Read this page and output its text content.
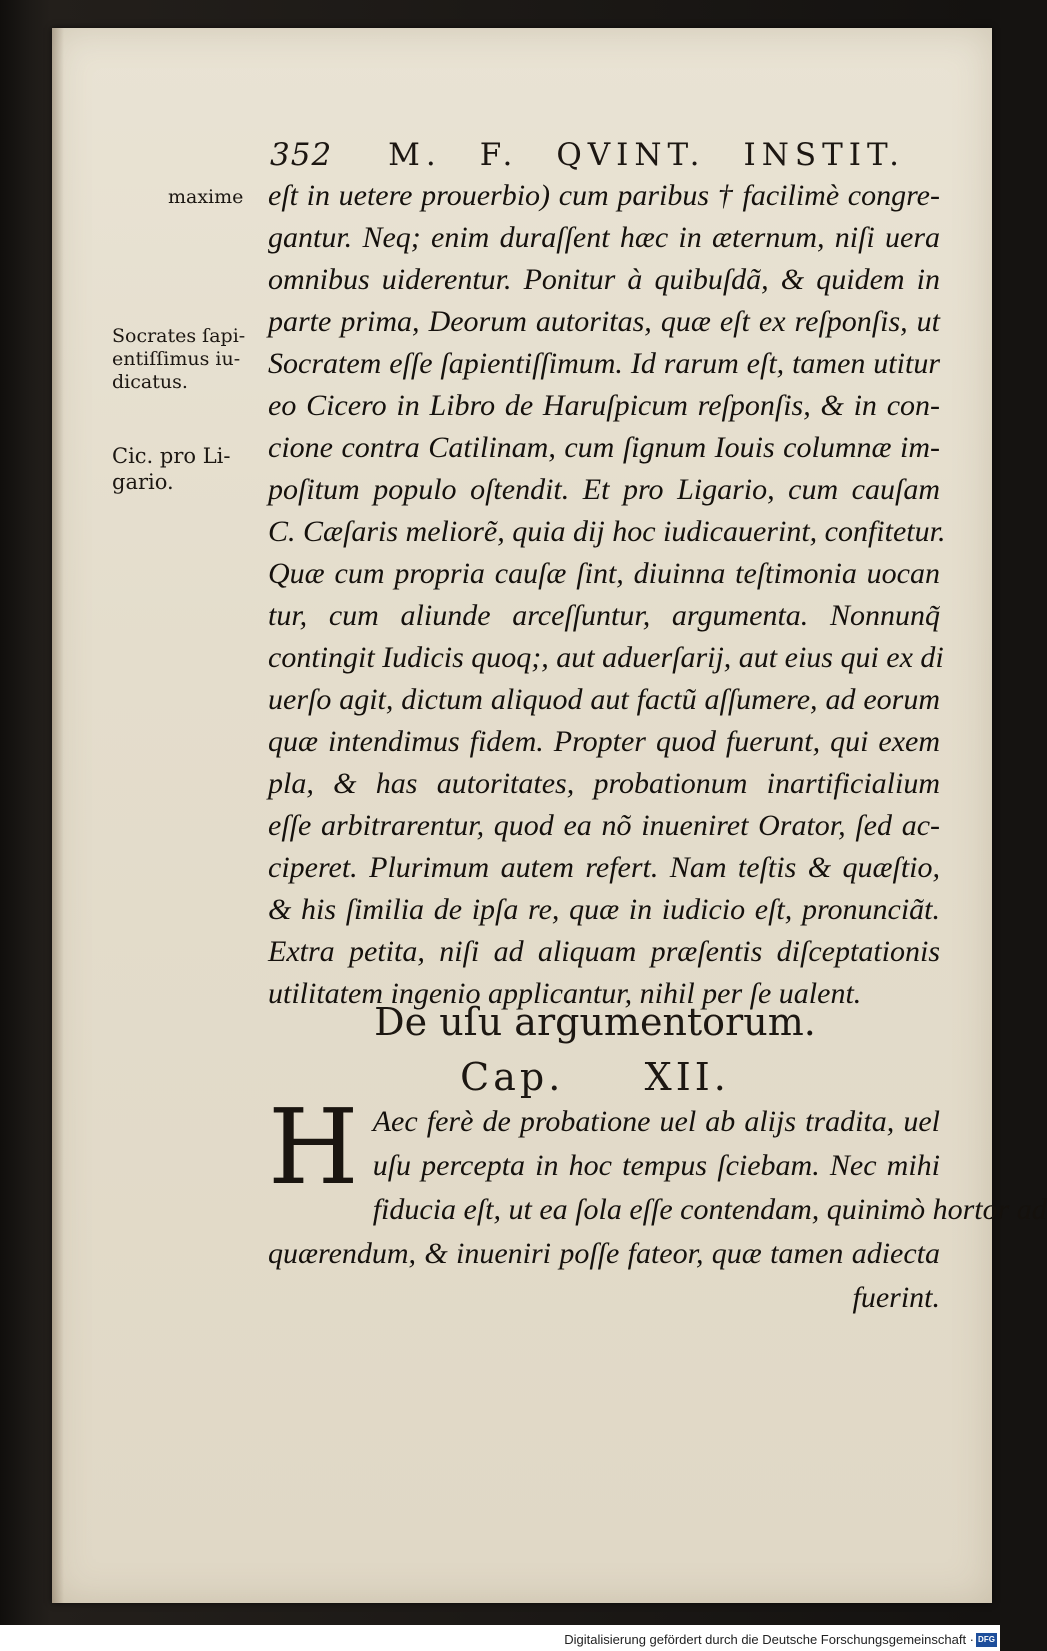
352 M. F. QVINT. INSTIT.
maxime
Socrates ſapi-
entiſſimus iu-
dicatus.
Cic. pro Li-
gario.
eſt in uetere prouerbio) cum paribus † facilimè congre-
gantur. Neq; enim duraſſent hæc in æternum, niſi uera
omnibus uiderentur. Ponitur à quibuſdã, & quidem in
parte prima, Deorum autoritas, quæ eſt ex reſponſis, ut
Socratem eſſe ſapientiſſimum. Id rarum eſt, tamen utitur
eo Cicero in Libro de Haruſpicum reſponſis, & in con-
cione contra Catilinam, cum ſignum Iouis columnæ im-
poſitum populo oſtendit. Et pro Ligario, cum cauſam
C. Cæſaris meliorẽ, quia dij hoc iudicauerint, confitetur.
Quæ cum propria cauſæ ſint, diuinna teſtimonia uocan
tur, cum aliunde arceſſuntur, argumenta. Nonnunq̃
contingit Iudicis quoq;, aut aduerſarij, aut eius qui ex di
uerſo agit, dictum aliquod aut factũ aſſumere, ad eorum
quæ intendimus fidem. Propter quod fuerunt, qui exem
pla, & has autoritates, probationum inartificialium
eſſe arbitrarentur, quod ea nõ inueniret Orator, ſed ac-
ciperet. Plurimum autem refert. Nam teſtis & quæſtio,
& his ſimilia de ipſa re, quæ in iudicio eſt, pronunciãt.
Extra petita, niſi ad aliquam præſentis diſceptationis
utilitatem ingenio applicantur, nihil per ſe ualent.
De uſu argumentorum.
Cap.     XII.
H Aec ferè de probatione uel ab alijs tradita, uel
uſu percepta in hoc tempus ſciebam. Nec mihi
fiducia eſt, ut ea ſola eſſe contendam, quinimò hortor ad
quærendum, & inueniri poſſe fateor, quæ tamen adiecta
fuerint.
Digitalisierung gefördert durch die Deutsche Forschungsgemeinschaft · DFG
